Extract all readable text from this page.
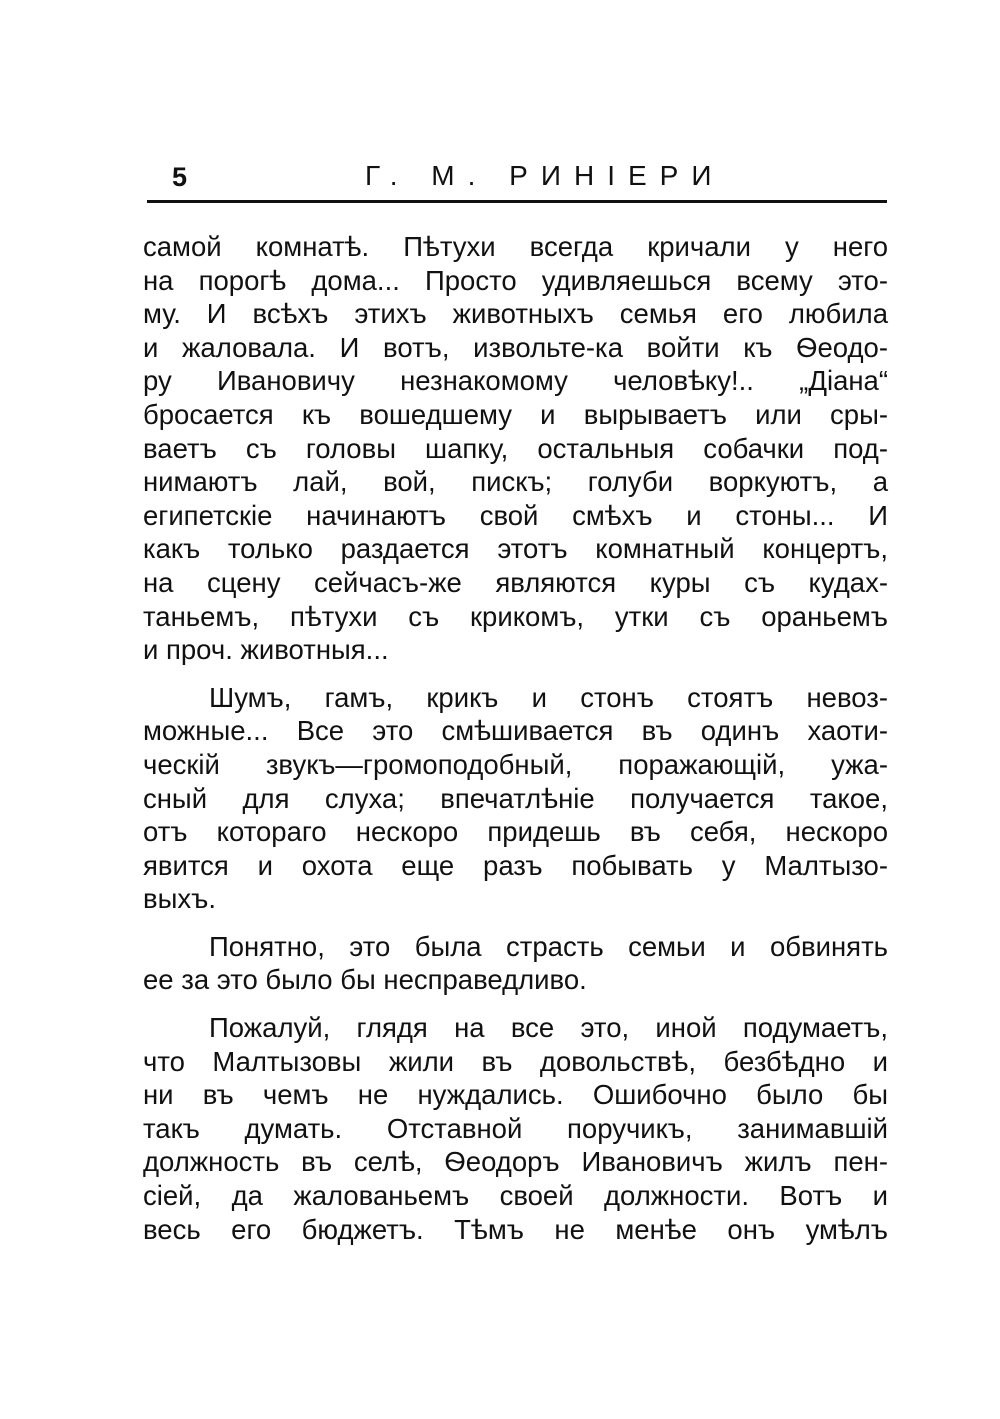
5	Г. М. РИНІЕРИ
самой комнатѣ. Пѣтухи всегда кричали у него
на порогѣ дома... Просто удивляешься всему это-
му. И всѣхъ этихъ животныхъ семья его любила
и жаловала. И вотъ, извольте-ка войти къ Ѳеодо-
ру Ивановичу незнакомому человѣку!.. „Діана“
бросается къ вошедшему и вырываетъ или сры-
ваетъ съ головы шапку, остальныя собачки под-
нимаютъ лай, вой, пискъ; голуби воркуютъ, а
египетскіе начинаютъ свой смѣхъ и стоны... И
какъ только раздается этотъ комнатный концертъ,
на сцену сейчасъ-же являются куры съ кудах-
таньемъ, пѣтухи съ крикомъ, утки съ ораньемъ
и проч. животныя...
Шумъ, гамъ, крикъ и стонъ стоятъ невоз-
можные... Все это смѣшивается въ одинъ хаоти-
ческій звукъ—громоподобный, поражающій, ужа-
сный для слуха; впечатлѣніе получается такое,
отъ котораго нескоро придешь въ себя, нескоро
явится и охота еще разъ побывать у Малтызо-
выхъ.
Понятно, это была страсть семьи и обвинять
ее за это было бы несправедливо.
Пожалуй, глядя на все это, иной подумаетъ,
что Малтызовы жили въ довольствѣ, безбѣдно и
ни въ чемъ не нуждались. Ошибочно было бы
такъ думать. Отставной поручикъ, занимавшій
должность въ селѣ, Ѳеодоръ Ивановичъ жилъ пен-
сіей, да жалованьемъ своей должности. Вотъ и
весь его бюджетъ. Тѣмъ не менѣе онъ умѣлъ
